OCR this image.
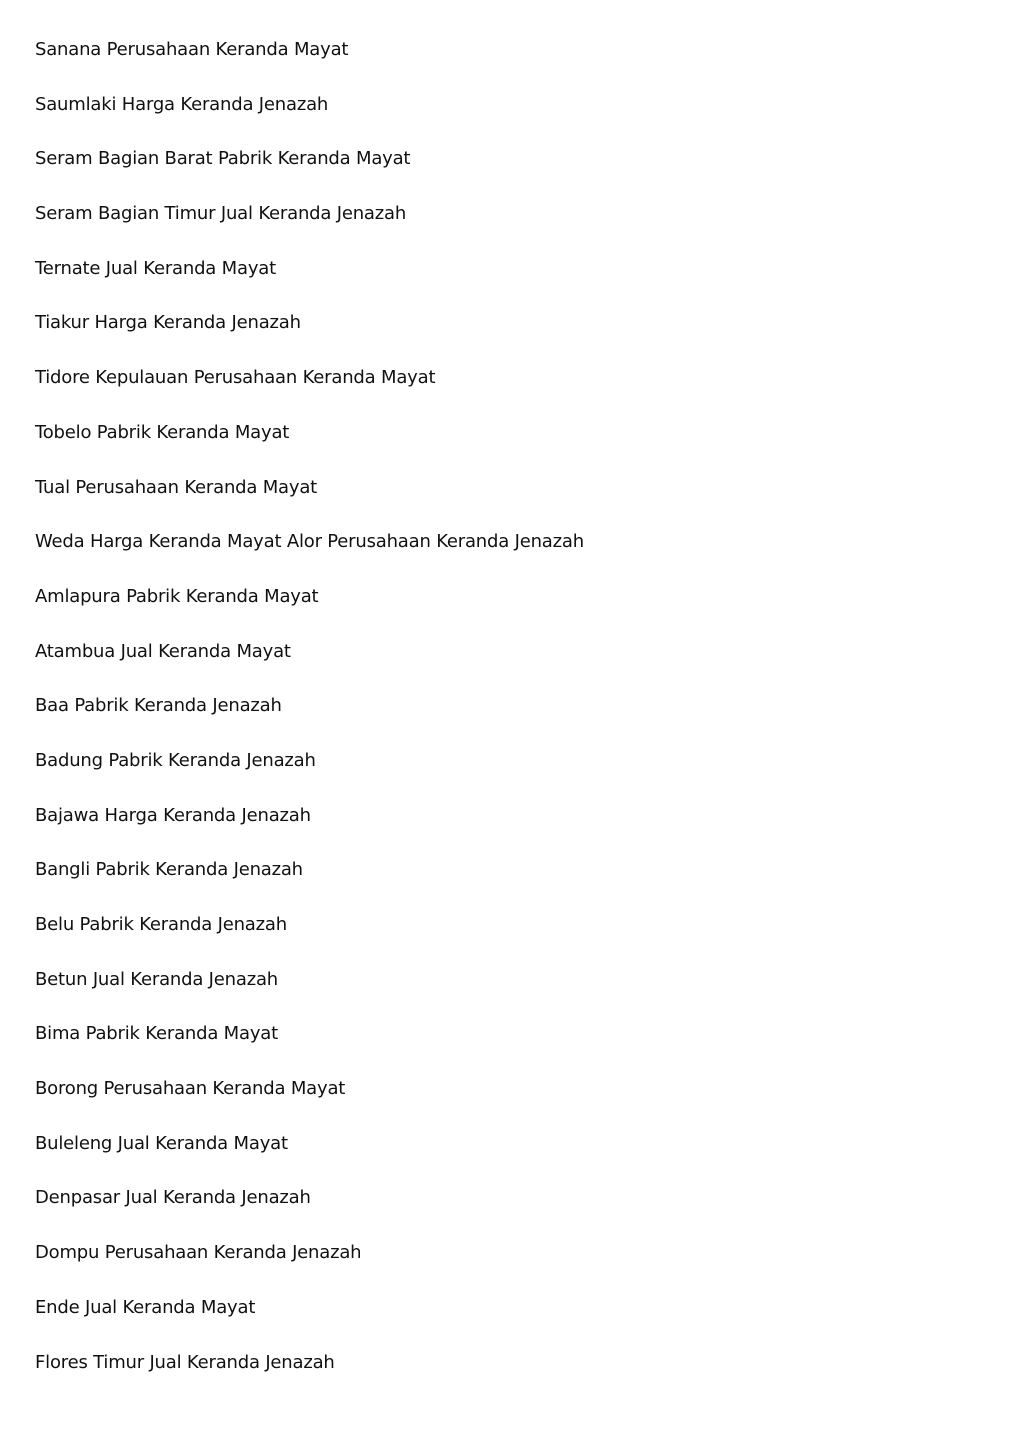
Sanana Perusahaan Keranda Mayat
Saumlaki Harga Keranda Jenazah
Seram Bagian Barat Pabrik Keranda Mayat
Seram Bagian Timur Jual Keranda Jenazah
Ternate Jual Keranda Mayat
Tiakur Harga Keranda Jenazah
Tidore Kepulauan Perusahaan Keranda Mayat
Tobelo Pabrik Keranda Mayat
Tual Perusahaan Keranda Mayat
Weda Harga Keranda Mayat Alor Perusahaan Keranda Jenazah
Amlapura Pabrik Keranda Mayat
Atambua Jual Keranda Mayat
Baa Pabrik Keranda Jenazah
Badung Pabrik Keranda Jenazah
Bajawa Harga Keranda Jenazah
Bangli Pabrik Keranda Jenazah
Belu Pabrik Keranda Jenazah
Betun Jual Keranda Jenazah
Bima Pabrik Keranda Mayat
Borong Perusahaan Keranda Mayat
Buleleng Jual Keranda Mayat
Denpasar Jual Keranda Jenazah
Dompu Perusahaan Keranda Jenazah
Ende Jual Keranda Mayat
Flores Timur Jual Keranda Jenazah
